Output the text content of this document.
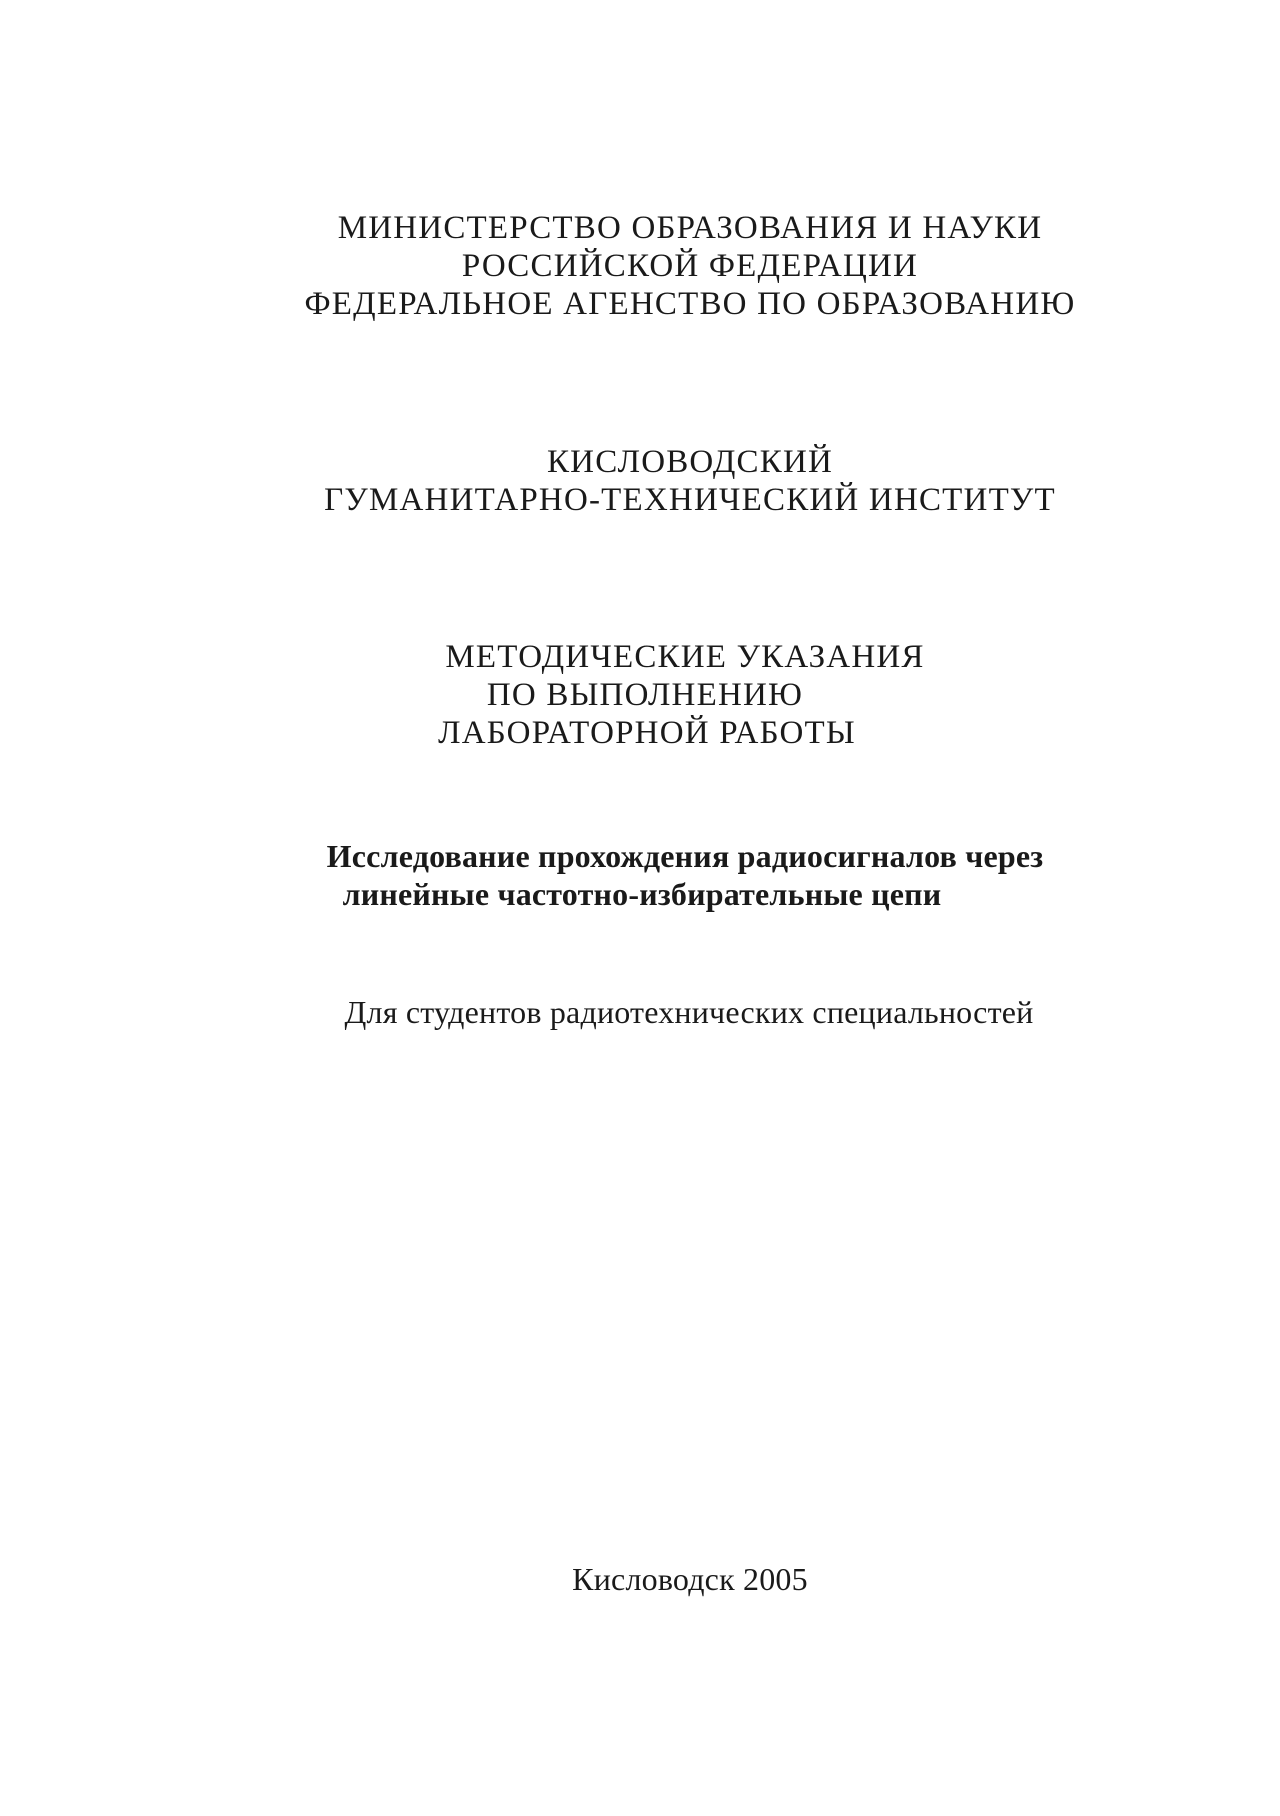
МИНИСТЕРСТВО ОБРАЗОВАНИЯ И НАУКИ
РОССИЙСКОЙ ФЕДЕРАЦИИ
ФЕДЕРАЛЬНОЕ АГЕНСТВО ПО ОБРАЗОВАНИЮ
КИСЛОВОДСКИЙ
ГУМАНИТАРНО-ТЕХНИЧЕСКИЙ ИНСТИТУТ
МЕТОДИЧЕСКИЕ УКАЗАНИЯ
ПО ВЫПОЛНЕНИЮ
ЛАБОРАТОРНОЙ РАБОТЫ
Исследование прохождения радиосигналов через
линейные частотно-избирательные цепи
Для студентов радиотехнических специальностей
Кисловодск 2005
